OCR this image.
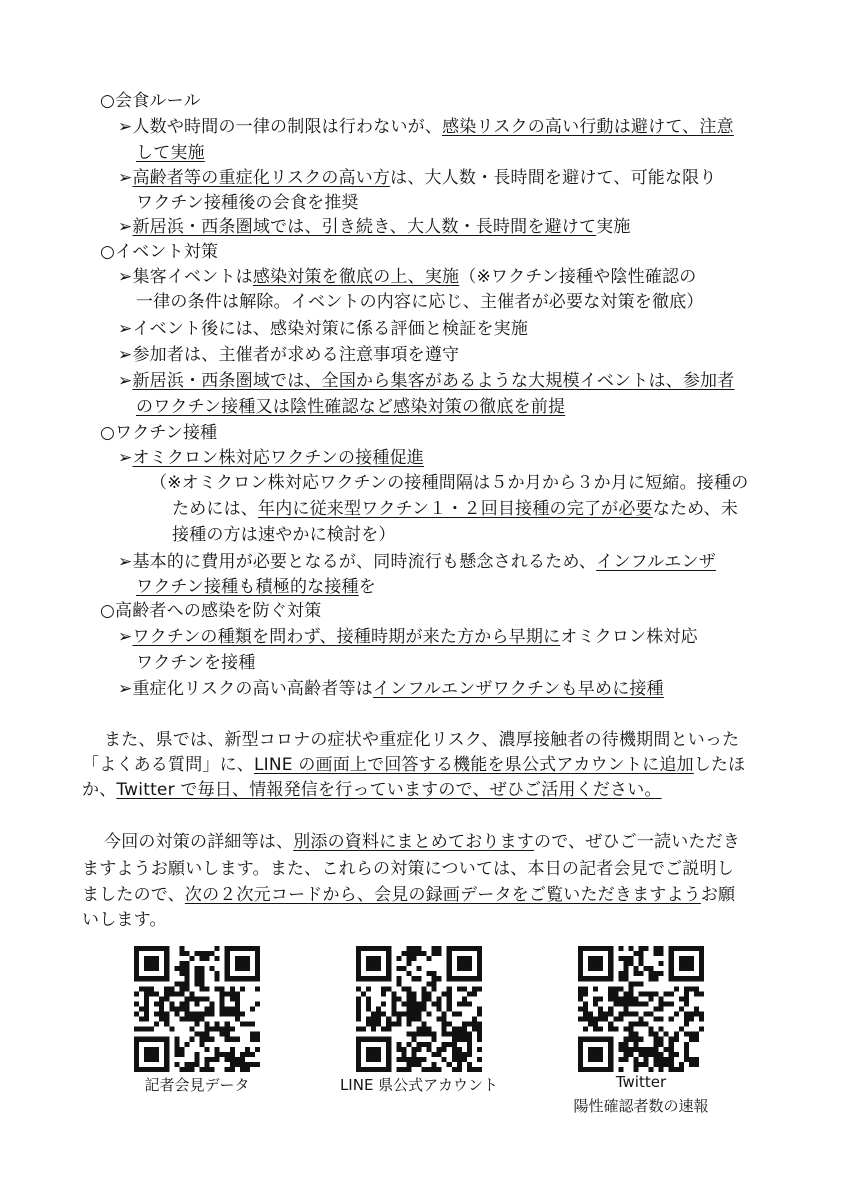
○会食ルール
➢人数や時間の一律の制限は行わないが、感染リスクの高い行動は避けて、注意
して実施
➢高齢者等の重症化リスクの高い方は、大人数・長時間を避けて、可能な限り
ワクチン接種後の会食を推奨
➢新居浜・西条圏域では、引き続き、大人数・長時間を避けて実施
○イベント対策
➢集客イベントは感染対策を徹底の上、実施（※ワクチン接種や陰性確認の
一律の条件は解除。イベントの内容に応じ、主催者が必要な対策を徹底）
➢イベント後には、感染対策に係る評価と検証を実施
➢参加者は、主催者が求める注意事項を遵守
➢新居浜・西条圏域では、全国から集客があるような大規模イベントは、参加者
のワクチン接種又は陰性確認など感染対策の徹底を前提
○ワクチン接種
➢オミクロン株対応ワクチンの接種促進
（※オミクロン株対応ワクチンの接種間隔は５か月から３か月に短縮。接種の
ためには、年内に従来型ワクチン１・２回目接種の完了が必要なため、未
接種の方は速やかに検討を）
➢基本的に費用が必要となるが、同時流行も懸念されるため、インフルエンザ
ワクチン接種も積極的な接種を
○高齢者への感染を防ぐ対策
➢ワクチンの種類を問わず、接種時期が来た方から早期にオミクロン株対応
ワクチンを接種
➢重症化リスクの高い高齢者等はインフルエンザワクチンも早めに接種
また、県では、新型コロナの症状や重症化リスク、濃厚接触者の待機期間といった
「よくある質問」に、LINE の画面上で回答する機能を県公式アカウントに追加したほ
か、Twitter で毎日、情報発信を行っていますので、ぜひご活用ください。
今回の対策の詳細等は、別添の資料にまとめておりますので、ぜひご一読いただき
ますようお願いします。また、これらの対策については、本日の記者会見でご説明し
ましたので、次の２次元コードから、会見の録画データをご覧いただきますようお願
いします。
記者会見データ	LINE 県公式アカウント	Twitter
陽性確認者数の速報
